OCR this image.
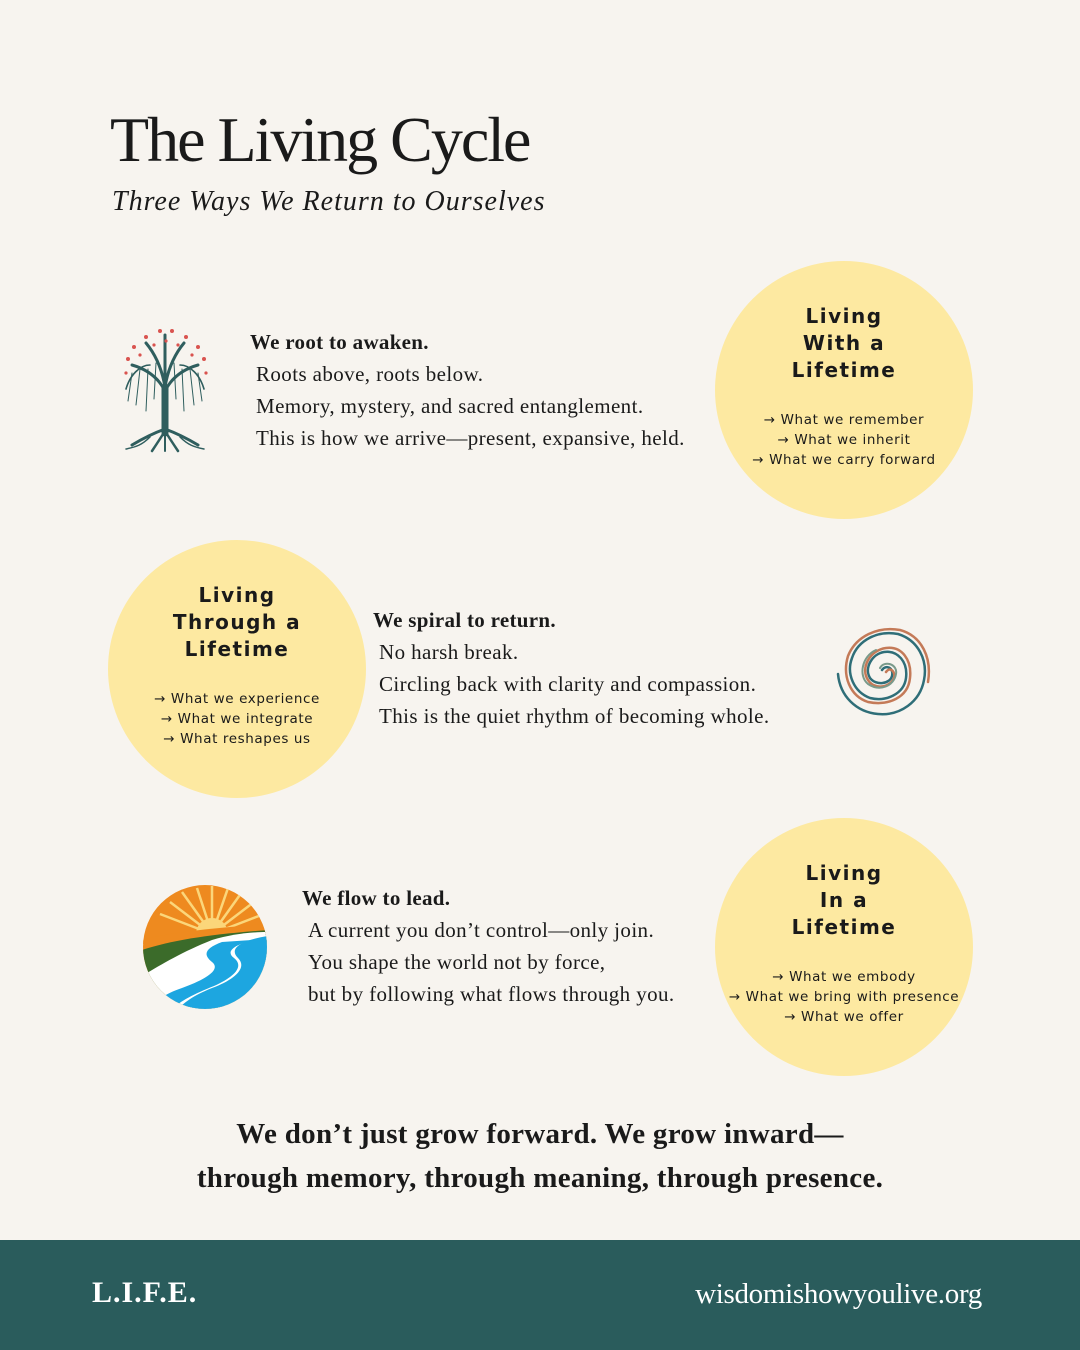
The Living Cycle

Three Ways We Return to Ourselves

We root to awaken.

Roots above, roots below.

Memory, mystery, and sacred entanglement.

This is how we arrive—present, expansive, held.

Living
With a
Lifetime
→ What we remember
→ What we inherit
→ What we carry forward
Living
Through a
Lifetime
→ What we experience
→ What we integrate
→ What reshapes us

We spiral to return.

No harsh break.

Circling back with clarity and compassion.

This is the quiet rhythm of becoming whole.

We flow to lead.

A current you don’t control—only join.

You shape the world not by force,

but by following what flows through you.

Living
In a
Lifetime
→ What we embody
→ What we bring with presence
→ What we offer
We don’t just grow forward. We grow inward—
through memory, through meaning, through presence.
L.I.F.E.	wisdomishowyoulive.org
